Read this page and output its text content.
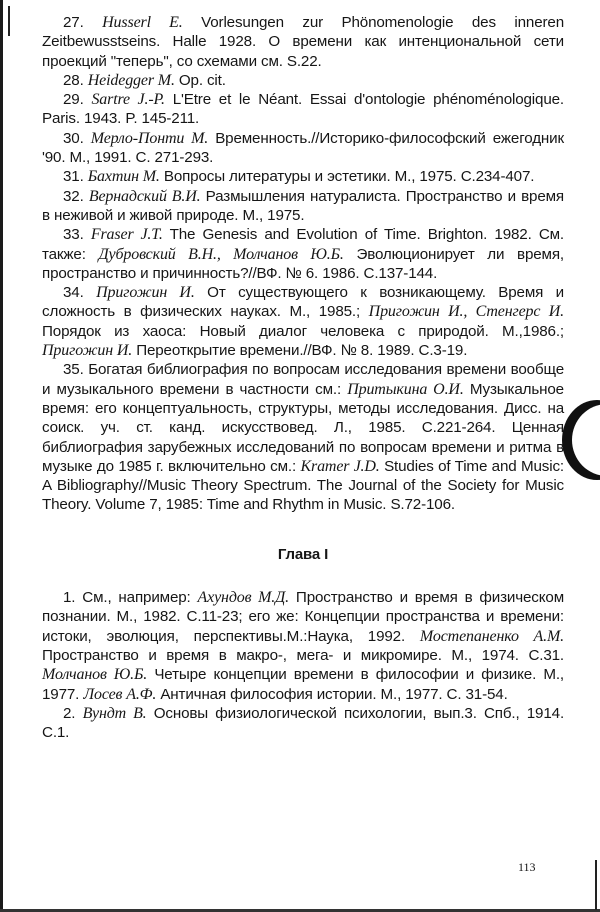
27. Husserl E. Vorlesungen zur Phönomenologie des inneren Zeitbewusstseins. Halle 1928. О времени как интенциональной сети проекций "теперь", со схемами см. S.22.

28. Heidegger M. Op. cit.

29. Sartre J.-P. L'Etre et le Néant. Essai d'ontologie phénoménologique. Paris. 1943. P. 145-211.

30. Мерло-Понти М. Временность.//Историко-философский ежегодник '90. М., 1991. С. 271-293.

31. Бахтин М. Вопросы литературы и эстетики. М., 1975. С.234-407.

32. Вернадский В.И. Размышления натуралиста. Пространство и время в неживой и живой природе. М., 1975.

33. Fraser J.T. The Genesis and Evolution of Time. Brighton. 1982. См. также: Дубровский В.Н., Молчанов Ю.Б. Эволюционирует ли время, пространство и причинность?//ВФ. № 6. 1986. С.137-144.

34. Пригожин И. От существующего к возникающему. Время и сложность в физических науках. М., 1985.; Пригожин И., Стенгерс И. Порядок из хаоса: Новый диалог человека с природой. М.,1986.; Пригожин И. Переоткрытие времени.//ВФ. № 8. 1989. С.3-19.

35. Богатая библиография по вопросам исследования времени вообще и музыкального времени в частности см.: Притыкина О.И. Музыкальное время: его концептуальность, структуры, методы исследования. Дисс. на соиск. уч. ст. канд. искусствовед. Л., 1985. С.221-264. Ценная библиография зарубежных исследований по вопросам времени и ритма в музыке до 1985 г. включительно см.: Kramer J.D. Studies of Time and Music: A Bibliography//Music Theory Spectrum. The Journal of the Society for Music Theory. Volume 7, 1985: Time and Rhythm in Music. S.72-106.

Глава I

1. См., например: Ахундов М.Д. Пространство и время в физическом познании. М., 1982. С.11-23; его же: Концепции пространства и времени: истоки, эволюция, перспективы.М.:Наука, 1992. Мостепаненко А.М. Пространство и время в макро-, мега- и микромире. М., 1974. С.31. Молчанов Ю.Б. Четыре концепции времени в философии и физике. М., 1977. Лосев А.Ф. Античная философия истории. М., 1977. С. 31-54.

2. Вундт В. Основы физиологической психологии, вып.3. Спб., 1914. С.1.

113
